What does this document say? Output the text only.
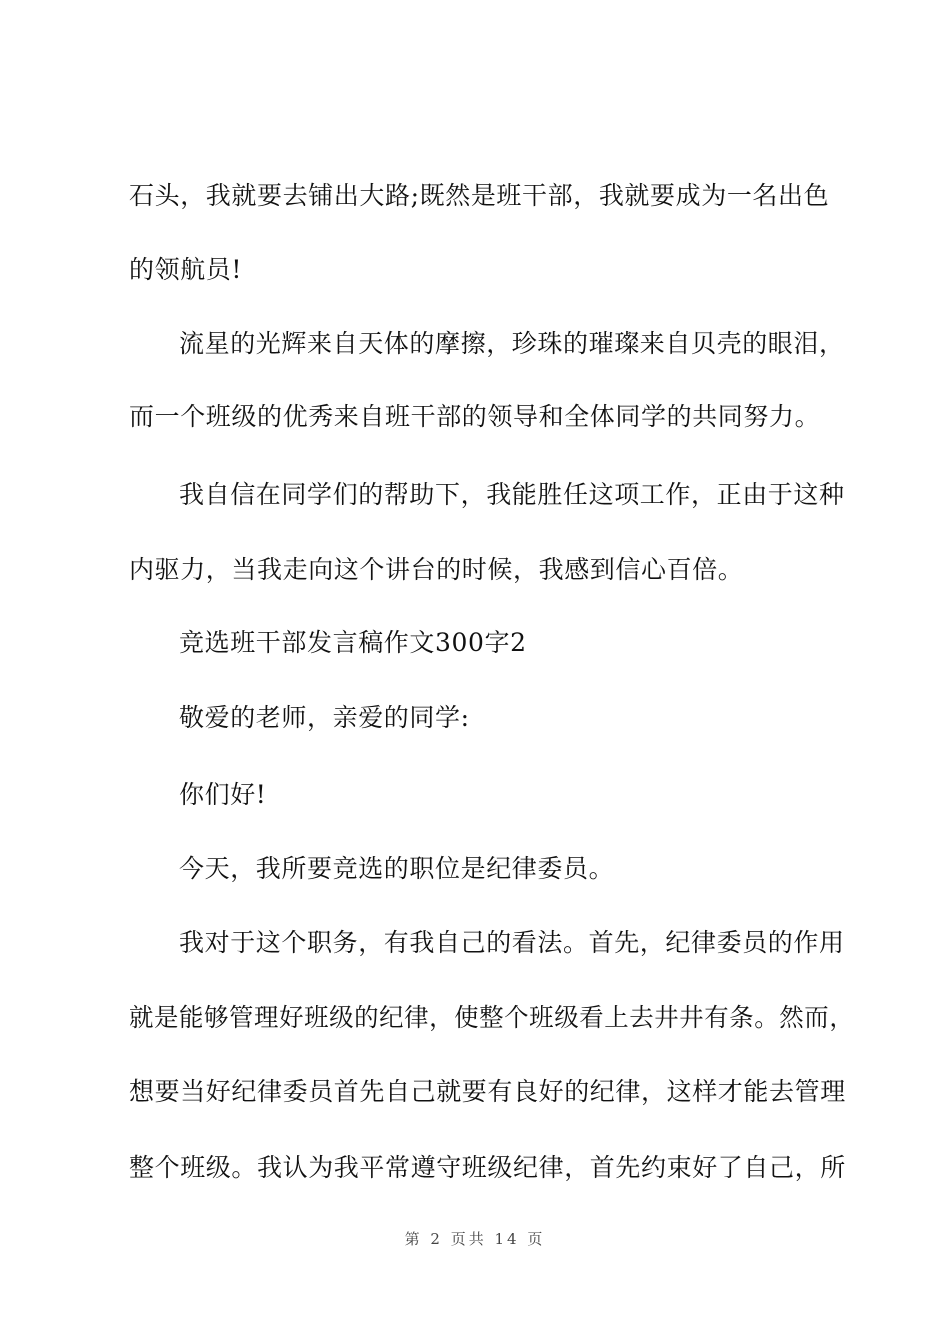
石头，我就要去铺出大路;既然是班干部，我就要成为一名出色
的领航员!
流星的光辉来自天体的摩擦，珍珠的璀璨来自贝壳的眼泪，
而一个班级的优秀来自班干部的领导和全体同学的共同努力。
我自信在同学们的帮助下，我能胜任这项工作，正由于这种
内驱力，当我走向这个讲台的时候，我感到信心百倍。
竞选班干部发言稿作文300字2
敬爱的老师，亲爱的同学:
你们好!
今天，我所要竞选的职位是纪律委员。
我对于这个职务，有我自己的看法。首先，纪律委员的作用
就是能够管理好班级的纪律，使整个班级看上去井井有条。然而，
想要当好纪律委员首先自己就要有良好的纪律，这样才能去管理
整个班级。我认为我平常遵守班级纪律，首先约束好了自己，所
第 2 页共 14 页
